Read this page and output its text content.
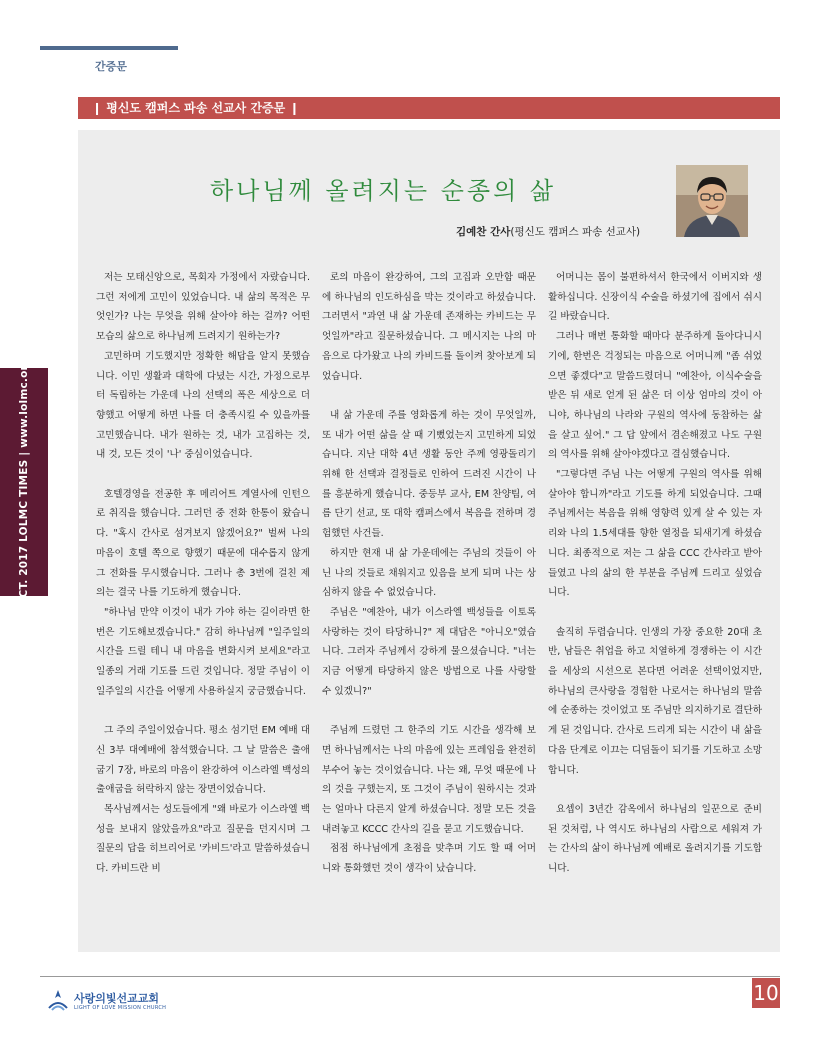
간증문
❙ 평신도 캠퍼스 파송 선교사 간증문 ❙
OCT. 2017 LOLMC TIMES | www.lolmc.org
하나님께 올려지는 순종의 삶
김예찬 간사(평신도 캠퍼스 파송 선교사)

저는 모태신앙으로, 목회자 가정에서 자랐습니다. 그런 저에게 고민이 있었습니다. 내 삶의 목적은 무엇인가? 나는 무엇을 위해 살아야 하는 걸까? 어떤 모습의 삶으로 하나님께 드려지기 원하는가?

고민하며 기도했지만 정확한 해답을 알지 못했습니다. 이민 생활과 대학에 다녔는 시간, 가정으로부터 독립하는 가운데 나의 선택의 폭은 세상으로 더 향했고 어떻게 하면 나를 더 충족시킬 수 있을까를 고민했습니다. 내가 원하는 것, 내가 고집하는 것, 내 것, 모든 것이 '나' 중심이었습니다.

호텔경영을 전공한 후 메리어트 계열사에 인턴으로 취직을 했습니다. 그러던 중 전화 한통이 왔습니다. "혹시 간사로 섬겨보지 않겠어요?" 벌써 나의 마음이 호텔 쪽으로 향했기 때문에 대수롭지 않게 그 전화를 무시했습니다. 그러나 총 3번에 걸친 제의는 결국 나를 기도하게 했습니다.

"하나님 만약 이것이 내가 가야 하는 길이라면 한 번은 기도해보겠습니다." 감히 하나님께 "일주일의 시간을 드릴 테니 내 마음을 변화시켜 보세요"라고 일종의 거래 기도를 드린 것입니다. 정말 주님이 이 일주일의 시간을 어떻게 사용하실지 궁금했습니다.

그 주의 주일이었습니다. 평소 섬기던 EM 예배 대신 3부 대예배에 참석했습니다. 그 날 말씀은 출애굽기 7장, 바로의 마음이 완강하여 이스라엘 백성의 출애굽을 허락하지 않는 장면이었습니다.

목사님께서는 성도들에게 "왜 바로가 이스라엘 백성을 보내지 않았을까요"라고 질문을 던지시며 그 질문의 답을 히브리어로 '카비드'라고 말씀하셨습니다. 카비드란 비

로의 마음이 완강하여, 그의 고집과 오만함 때문에 하나님의 인도하심을 막는 것이라고 하셨습니다. 그러면서 "과연 내 삶 가운데 존재하는 카비드는 무엇일까"라고 질문하셨습니다. 그 메시지는 나의 마음으로 다가왔고 나의 카비드를 돌이켜 찾아보게 되었습니다.

내 삶 가운데 주를 영화롭게 하는 것이 무엇일까, 또 내가 어떤 삶을 살 때 기뻤었는지 고민하게 되었습니다. 지난 대학 4년 생활 동안 주께 영광돌리기 위해 한 선택과 결정들로 인하여 드려진 시간이 나를 흥분하게 했습니다. 중등부 교사, EM 찬양팀, 여름 단기 선교, 또 대학 캠퍼스에서 복음을 전하며 경험했던 사건들.

하지만 현재 내 삶 가운데에는 주님의 것들이 아닌 나의 것들로 채워지고 있음을 보게 되며 나는 상심하지 않을 수 없었습니다.

주님은 "예찬아, 내가 이스라엘 백성들을 이토록 사랑하는 것이 타당하니?" 제 대답은 "아니오"였습니다. 그러자 주님께서 강하게 물으셨습니다. "너는 지금 어떻게 타당하지 않은 방법으로 나를 사랑할 수 있겠니?"

주님께 드렸던 그 한주의 기도 시간을 생각해 보면 하나님께서는 나의 마음에 있는 프레임을 완전히 부수어 놓는 것이었습니다. 나는 왜, 무엇 때문에 나의 것을 구했는지, 또 그것이 주님이 원하시는 것과는 얼마나 다른지 알게 하셨습니다. 정말 모든 것을 내려놓고 KCCC 간사의 길을 묻고 기도했습니다.

점점 하나님에게 초점을 맞추며 기도 할 때 어머니와 통화했던 것이 생각이 났습니다.

어머니는 몸이 불편하셔서 한국에서 이버지와 생활하십니다. 신장이식 수술을 하셨기에 집에서 쉬시길 바랐습니다.

그러나 매번 통화할 때마다 분주하게 돌아다니시기에, 한번은 걱정되는 마음으로 어머니께 "좀 쉬었으면 좋겠다"고 말씀드렸더니 "예찬아, 이식수술을 받은 뒤 새로 얻게 된 삶은 더 이상 엄마의 것이 아니야, 하나님의 나라와 구원의 역사에 동참하는 삶을 살고 싶어." 그 답 앞에서 겸손해졌고 나도 구원의 역사를 위해 살아야겠다고 결심했습니다.

"그렇다면 주님 나는 어떻게 구원의 역사를 위해 살아야 합니까"라고 기도를 하게 되었습니다. 그때 주님께서는 복음을 위해 영향력 있게 살 수 있는 자리와 나의 1.5세대를 향한 열정을 되새기게 하셨습니다. 최종적으로 저는 그 삶을 CCC 간사라고 받아들였고 나의 삶의 한 부분을 주님께 드리고 싶었습니다.

솔직히 두렵습니다. 인생의 가장 중요한 20대 초반, 남들은 취업을 하고 치열하게 경쟁하는 이 시간을 세상의 시선으로 본다면 어려운 선택이었지만, 하나님의 큰사랑을 경험한 나로서는 하나님의 말씀에 순종하는 것이었고 또 주님만 의지하기로 결단하게 된 것입니다. 간사로 드리게 되는 시간이 내 삶을 다음 단계로 이끄는 디딤돌이 되기를 기도하고 소망합니다.

요셉이 3년간 감옥에서 하나님의 일꾼으로 준비된 것처럼, 나 역시도 하나님의 사람으로 세워져 가는 간사의 삶이 하나님께 예배로 올려지기를 기도합니다.

사랑의빛선교교회
LIGHT OF LOVE MISSION CHURCH
10
